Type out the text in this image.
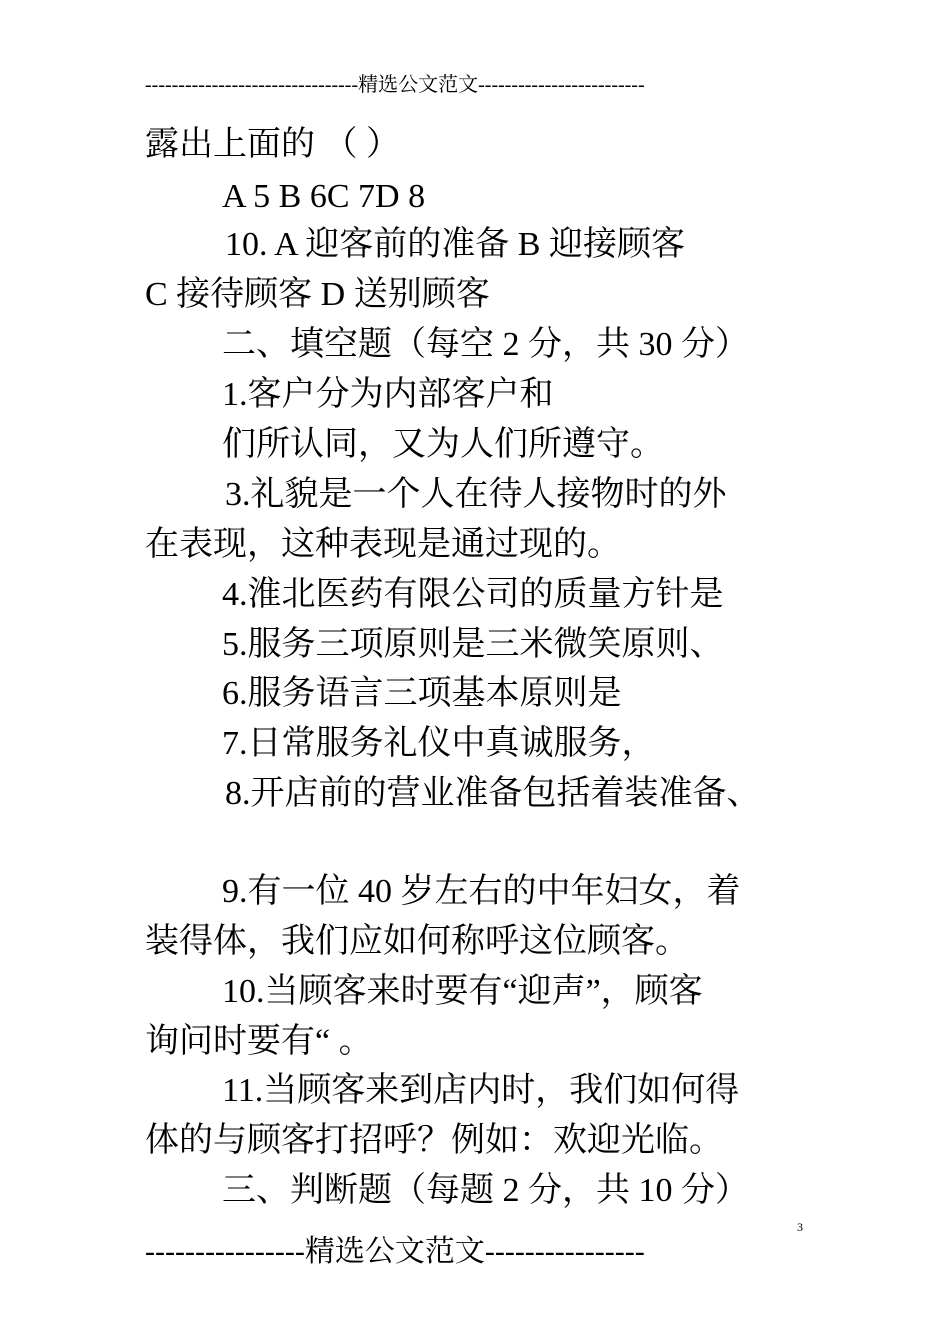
--------------------------------精选公文范文-------------------------
露出上面的 （ ）
A 5 B 6C 7D 8
10. A 迎客前的准备 B 迎接顾客
C 接待顾客 D 送别顾客
二、填空题（每空 2 分，共 30 分）
1.客户分为内部客户和
们所认同，又为人们所遵守。
3.礼貌是一个人在待人接物时的外
在表现，这种表现是通过现的。
4.淮北医药有限公司的质量方针是
5.服务三项原则是三米微笑原则、
6.服务语言三项基本原则是
7.日常服务礼仪中真诚服务，
8.开店前的营业准备包括着装准备、
9.有一位 40 岁左右的中年妇女，着
装得体，我们应如何称呼这位顾客。
10.当顾客来时要有“迎声”，顾客
询问时要有“ 。
11.当顾客来到店内时，我们如何得
体的与顾客打招呼？例如：欢迎光临。
三、判断题（每题 2 分，共 10 分）
----------------精选公文范文----------------
3
